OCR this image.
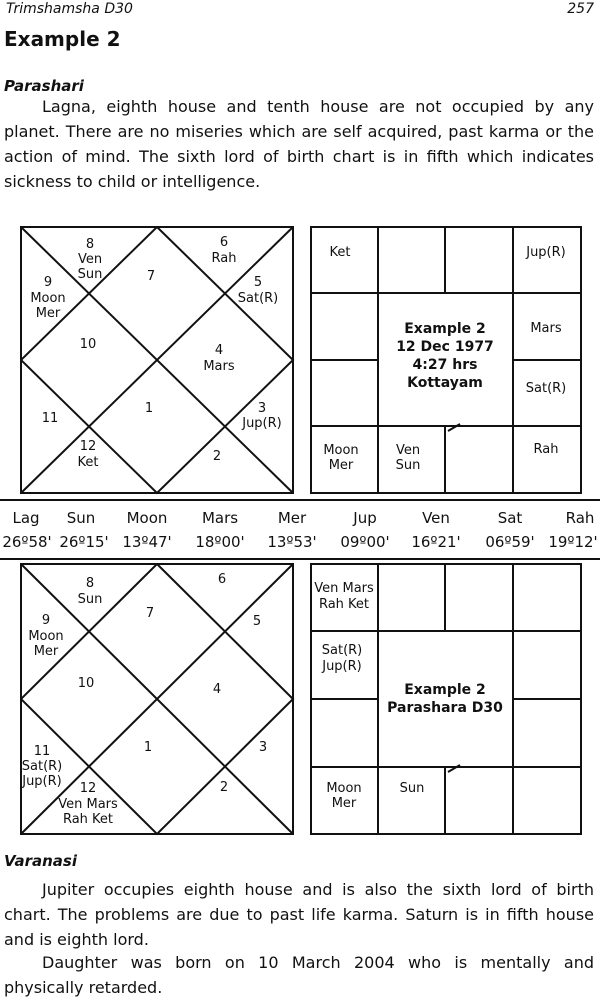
Trimshamsha D30	257
Example 2
Parashari

Lagna, eighth house and tenth house are not occupied by any planet. There are no miseries which are self acquired, past karma or the action of mind. The sixth lord of birth chart is in fifth which indicates sickness to child or intelligence.

8
Ven
Sun
6
Rah
7
9
Moon
Mer
5
Sat(R)
10	4
Mars
1
11
3
Jup(R)
12
Ket	2
Ket	Jup(R)
Mars
Sat(R)
Rah
Moon
Mer
Ven
Sun
Example 2
12 Dec 1977
4:27 hrs
Kottayam
Lag Sun Moon Mars	Mer	Jup	Ven	Sat	Rah
26º58' 26º15' 13º47' 18º00' 13º53' 09º00' 16º21' 06º59' 19º12'
8
Sun
6
7
9
Moon
Mer
5
10	4
1	3
11
Sat(R)
Jup(R)	2
12
Ven Mars
Rah Ket
Ven Mars
Rah Ket
Sat(R)
Jup(R)
Moon
Mer
Sun
Example 2
Parashara D30
Varanasi

Jupiter occupies eighth house and is also the sixth lord of birth chart. The problems are due to past life karma. Saturn is in fifth house and is eighth lord.

Daughter was born on 10 March 2004 who is mentally and physically retarded.
